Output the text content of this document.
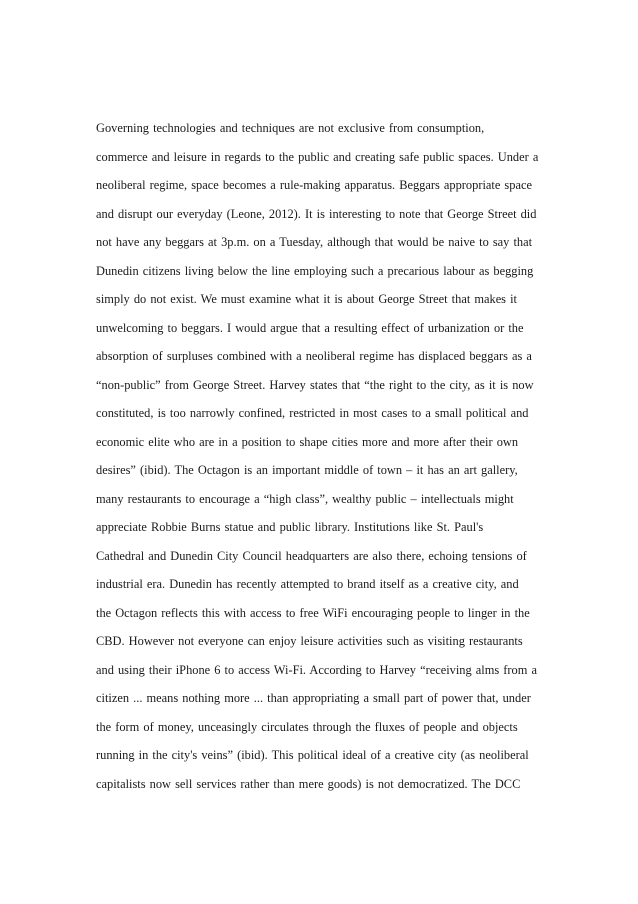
Governing technologies and techniques are not exclusive from consumption,
commerce and leisure in regards to the public and creating safe public spaces. Under a
neoliberal regime, space becomes a rule-making apparatus. Beggars appropriate space
and disrupt our everyday (Leone, 2012). It is interesting to note that George Street did
not have any beggars at 3p.m. on a Tuesday, although that would be naive to say that
Dunedin citizens living below the line employing such a precarious labour as begging
simply do not exist. We must examine what it is about George Street that makes it
unwelcoming to beggars. I would argue that a resulting effect of urbanization or the
absorption of surpluses combined with a neoliberal regime has displaced beggars as a
“non-public” from George Street. Harvey states that “the right to the city, as it is now
constituted, is too narrowly confined, restricted in most cases to a small political and
economic elite who are in a position to shape cities more and more after their own
desires” (ibid). The Octagon is an important middle of town – it has an art gallery,
many restaurants to encourage a “high class”, wealthy public – intellectuals might
appreciate Robbie Burns statue and public library. Institutions like St. Paul's
Cathedral and Dunedin City Council headquarters are also there, echoing tensions of
industrial era. Dunedin has recently attempted to brand itself as a creative city, and
the Octagon reflects this with access to free WiFi encouraging people to linger in the
CBD. However not everyone can enjoy leisure activities such as visiting restaurants
and using their iPhone 6 to access Wi-Fi. According to Harvey “receiving alms from a
citizen ... means nothing more ... than appropriating a small part of power that, under
the form of money, unceasingly circulates through the fluxes of people and objects
running in the city's veins” (ibid). This political ideal of a creative city (as neoliberal
capitalists now sell services rather than mere goods) is not democratized. The DCC
